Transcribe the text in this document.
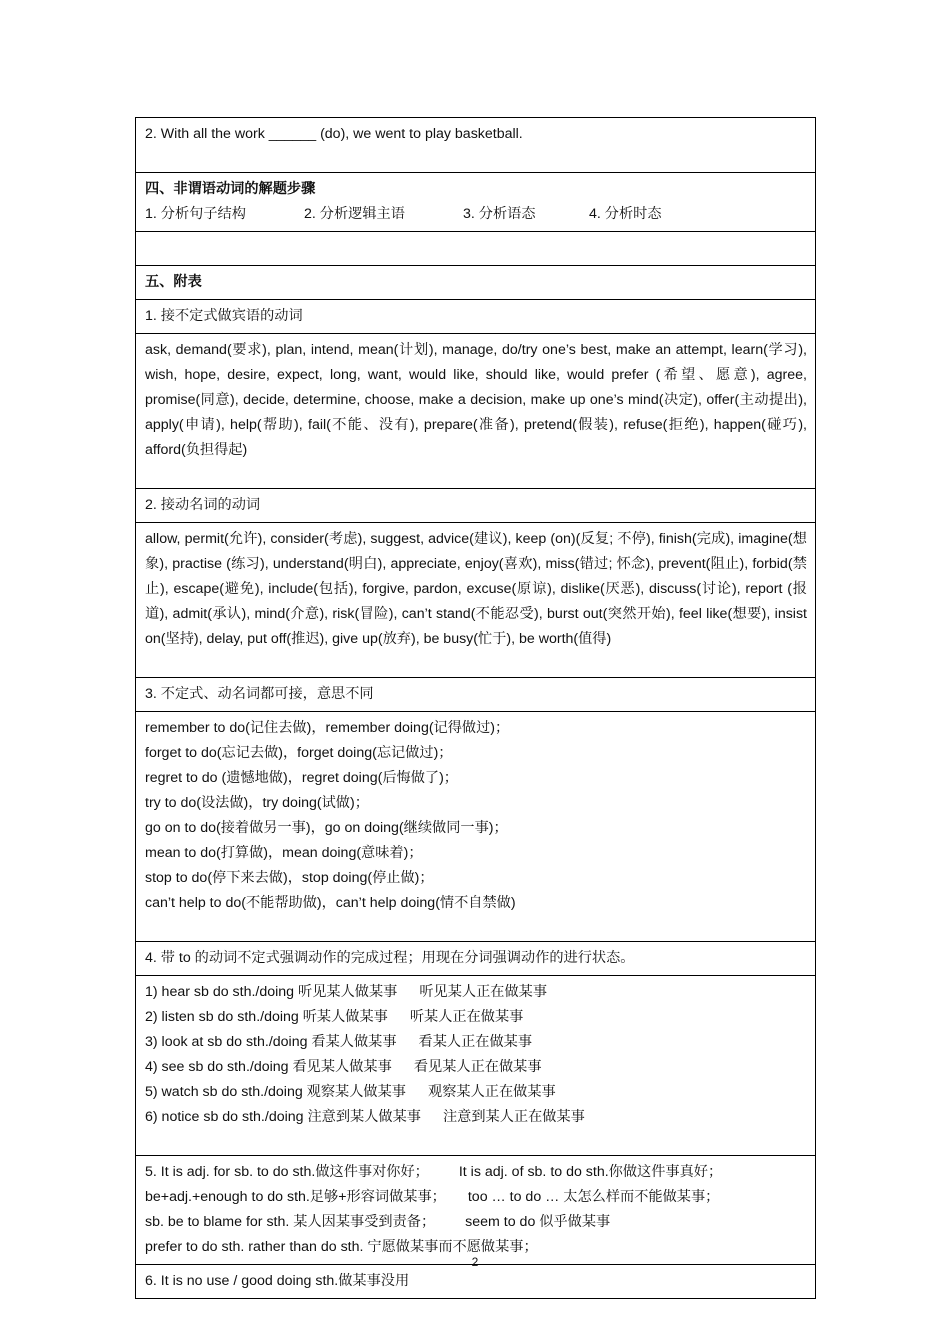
2. With all the work ______ (do), we went to play basketball.

四、非谓语动词的解题步骤
1. 分析句子结构	2. 分析逻辑主语	3. 分析语态	4. 分析时态

五、附表

1. 接不定式做宾语的动词
ask, demand(要求), plan, intend, mean(计划), manage, do/try one’s best, make an attempt, learn(学习), wish, hope, desire, expect, long, want, would like, should like, would prefer (希望、愿意), agree, promise(同意), decide, determine, choose, make a decision, make up one’s mind(决定), offer(主动提出), apply(申请), help(帮助), fail(不能、没有), prepare(准备), pretend(假装), refuse(拒绝), happen(碰巧), afford(负担得起)
2. 接动名词的动词
allow, permit(允许), consider(考虑), suggest, advice(建议), keep (on)(反复; 不停), finish(完成), imagine(想象), practise (练习), understand(明白), appreciate, enjoy(喜欢), miss(错过; 怀念), prevent(阻止), forbid(禁止), escape(避免), include(包括), forgive, pardon, excuse(原谅), dislike(厌恶), discuss(讨论), report (报道), admit(承认), mind(介意), risk(冒险), can’t stand(不能忍受), burst out(突然开始), feel like(想要), insist on(坚持), delay, put off(推迟), give up(放弃), be busy(忙于), be worth(值得)
3. 不定式、动名词都可接，意思不同

remember to do(记住去做)，remember doing(记得做过)；
forget to do(忘记去做)，forget doing(忘记做过)；
regret to do (遗憾地做)，regret doing(后悔做了)；
try to do(设法做)，try doing(试做)；
go on to do(接着做另一事)，go on doing(继续做同一事)；
mean to do(打算做)，mean doing(意味着)；
stop to do(停下来去做)，stop doing(停止做)；
can’t help to do(不能帮助做)，can’t help doing(情不自禁做)

4. 带 to 的动词不定式强调动作的完成过程；用现在分词强调动作的进行状态。

1) hear sb do sth./doing 听见某人做某事 听见某人正在做某事
2) listen sb do sth./doing 听某人做某事 听某人正在做某事
3) look at sb do sth./doing 看某人做某事 看某人正在做某事
4) see sb do sth./doing 看见某人做某事 看见某人正在做某事
5) watch sb do sth./doing 观察某人做某事 观察某人正在做某事
6) notice sb do sth./doing 注意到某人做某事 注意到某人正在做某事

5. It is adj. for sb. to do sth.做这件事对你好； It is adj. of sb. to do sth.你做这件事真好；
be+adj.+enough to do sth.足够+形容词做某事； too … to do … 太怎么样而不能做某事；
sb. be to blame for sth. 某人因某事受到责备； seem to do 似乎做某事
prefer to do sth. rather than do sth. 宁愿做某事而不愿做某事；

6. It is no use / good doing sth.做某事没用
2
